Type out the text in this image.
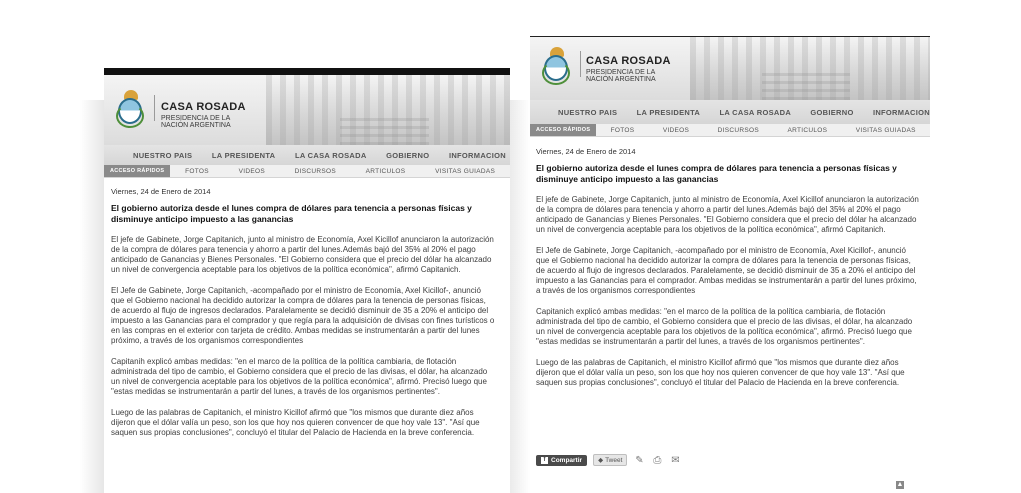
CASA ROSADA
PRESIDENCIA DE LA
NACIÓN ARGENTINA
NUESTRO PAIS	LA PRESIDENTA	LA CASA ROSADA	GOBIERNO	INFORMACION
ACCESO RÁPIDOS	FOTOS	VIDEOS	DISCURSOS	ARTICULOS	VISITAS GUIADAS
Viernes, 24 de Enero de 2014
El gobierno autoriza desde el lunes compra de dólares para tenencia a personas físicas y disminuye anticipo impuesto a las ganancias
El jefe de Gabinete, Jorge Capitanich, junto al ministro de Economía, Axel Kicillof anunciaron la autorización de la compra de dólares para tenencia y ahorro a partir del lunes.Además bajó del 35% al 20% el pago anticipado de Ganancias y Bienes Personales. "El Gobierno considera que el precio del dólar ha alcanzado un nivel de convergencia aceptable para los objetivos de la política económica", afirmó Capitanich.
El Jefe de Gabinete, Jorge Capitanich, -acompañado por el ministro de Economía, Axel Kicillof-, anunció que el Gobierno nacional ha decidido autorizar la compra de dólares para la tenencia de personas físicas, de acuerdo al flujo de ingresos declarados. Paralelamente se decidió disminuir de 35 a 20% el anticipo del impuesto a las Ganancias para el comprador y que regía para la adquisición de divisas con fines turísticos o en las compras en el exterior con tarjeta de crédito. Ambas medidas se instrumentarán a partir del lunes próximo, a través de los organismos correspondientes
Capitanih explicó ambas medidas: "en el marco de la política de la política cambiaria, de flotación administrada del tipo de cambio, el Gobierno considera que el precio de las divisas, el dólar, ha alcanzado un nivel de convergencia aceptable para los objetivos de la política económica", afirmó. Precisó luego que "estas medidas se instrumentarán a partir del lunes, a través de los organismos pertinentes".
Luego de las palabras de Capitanich, el ministro Kicillof afirmó que "los mismos que durante diez años dijeron que el dólar valía un peso, son los que hoy nos quieren convencer de que hoy vale 13". "Así que saquen sus propias conclusiones", concluyó el titular del Palacio de Hacienda en la breve conferencia.
CASA ROSADA
PRESIDENCIA DE LA
NACIÓN ARGENTINA
NUESTRO PAIS	LA PRESIDENTA	LA CASA ROSADA	GOBIERNO	INFORMACION
ACCESO RÁPIDOS	FOTOS	VIDEOS	DISCURSOS	ARTICULOS	VISITAS GUIADAS
Viernes, 24 de Enero de 2014
El gobierno autoriza desde el lunes compra de dólares para tenencia a personas físicas y disminuye anticipo impuesto a las ganancias
El jefe de Gabinete, Jorge Capitanich, junto al ministro de Economía, Axel Kicillof anunciaron la autorización de la compra de dólares para tenencia y ahorro a partir del lunes.Además bajó del 35% al 20% el pago anticipado de Ganancias y Bienes Personales. "El Gobierno considera que el precio del dólar ha alcanzado un nivel de convergencia aceptable para los objetivos de la política económica", afirmó Capitanich.
El Jefe de Gabinete, Jorge Capitanich, -acompañado por el ministro de Economía, Axel Kicillof-, anunció que el Gobierno nacional ha decidido autorizar la compra de dólares para la tenencia de personas físicas, de acuerdo al flujo de ingresos declarados. Paralelamente, se decidió disminuir de 35 a 20% el anticipo del impuesto a las Ganancias para el comprador. Ambas medidas se instrumentarán a partir del lunes próximo, a través de los organismos correspondientes
Capitanich explicó ambas medidas: "en el marco de la política de la política cambiaria, de flotación administrada del tipo de cambio, el Gobierno considera que el precio de las divisas, el dólar, ha alcanzado un nivel de convergencia aceptable para los objetivos de la política económica", afirmó. Precisó luego que "estas medidas se instrumentarán a partir del lunes, a través de los organismos pertinentes".
Luego de las palabras de Capitanich, el ministro Kicillof afirmó que "los mismos que durante diez años dijeron que el dólar valía un peso, son los que hoy nos quieren convencer de que hoy vale 13". "Así que saquen sus propias conclusiones", concluyó el titular del Palacio de Hacienda en la breve conferencia.
f Compartir ◆ Tweet ✎ ⎙ ✉
▲
